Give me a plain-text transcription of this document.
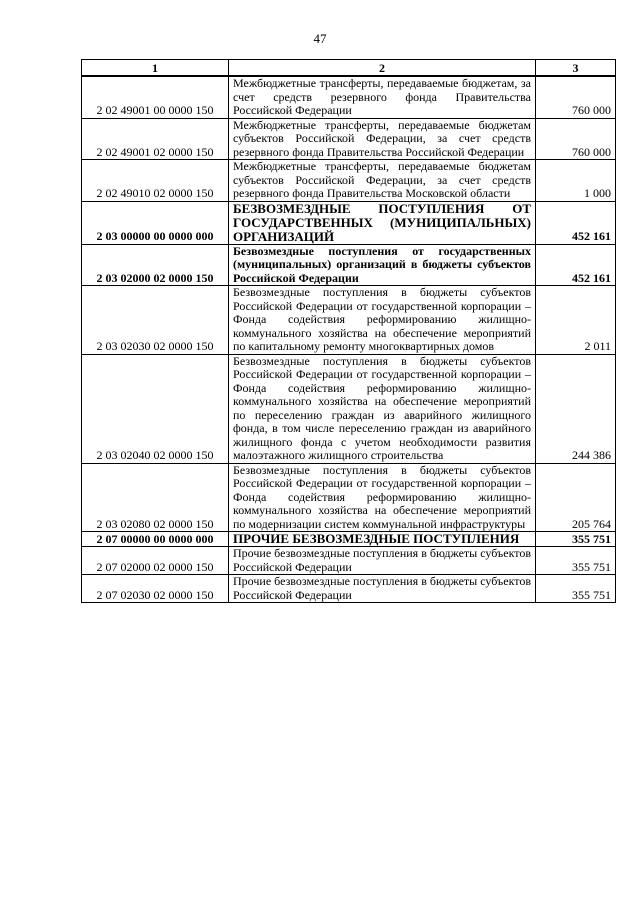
47
1	2	3
2 02 49001 00 0000 150	Межбюджетные трансферты, передаваемые бюджетам, за счет средств резервного фонда Правительства Российской Федерации	760 000
2 02 49001 02 0000 150	Межбюджетные трансферты, передаваемые бюджетам субъектов Российской Федерации, за счет средств резервного фонда Правительства Российской Федерации	760 000
2 02 49010 02 0000 150	Межбюджетные трансферты, передаваемые бюджетам субъектов Российской Федерации, за счет средств резервного фонда Правительства Московской области	1 000
2 03 00000 00 0000 000	БЕЗВОЗМЕЗДНЫЕ ПОСТУПЛЕНИЯ ОТ ГОСУДАРСТВЕННЫХ (МУНИЦИПАЛЬНЫХ) ОРГАНИЗАЦИЙ	452 161
2 03 02000 02 0000 150	Безвозмездные поступления от государственных (муниципальных) организаций в бюджеты субъектов Российской Федерации	452 161
2 03 02030 02 0000 150	Безвозмездные поступления в бюджеты субъектов Российской Федерации от государственной корпорации – Фонда содействия реформированию жилищно-коммунального хозяйства на обеспечение мероприятий по капитальному ремонту многоквартирных домов	2 011
2 03 02040 02 0000 150	Безвозмездные поступления в бюджеты субъектов Российской Федерации от государственной корпорации – Фонда содействия реформированию жилищно-коммунального хозяйства на обеспечение мероприятий по переселению граждан из аварийного жилищного фонда, в том числе переселению граждан из аварийного жилищного фонда с учетом необходимости развития малоэтажного жилищного строительства	244 386
2 03 02080 02 0000 150	Безвозмездные поступления в бюджеты субъектов Российской Федерации от государственной корпорации – Фонда содействия реформированию жилищно-коммунального хозяйства на обеспечение мероприятий по модернизации систем коммунальной инфраструктуры	205 764
2 07 00000 00 0000 000	ПРОЧИЕ БЕЗВОЗМЕЗДНЫЕ ПОСТУПЛЕНИЯ	355 751
2 07 02000 02 0000 150	Прочие безвозмездные поступления в бюджеты субъектов Российской Федерации	355 751
2 07 02030 02 0000 150	Прочие безвозмездные поступления в бюджеты субъектов Российской Федерации	355 751
